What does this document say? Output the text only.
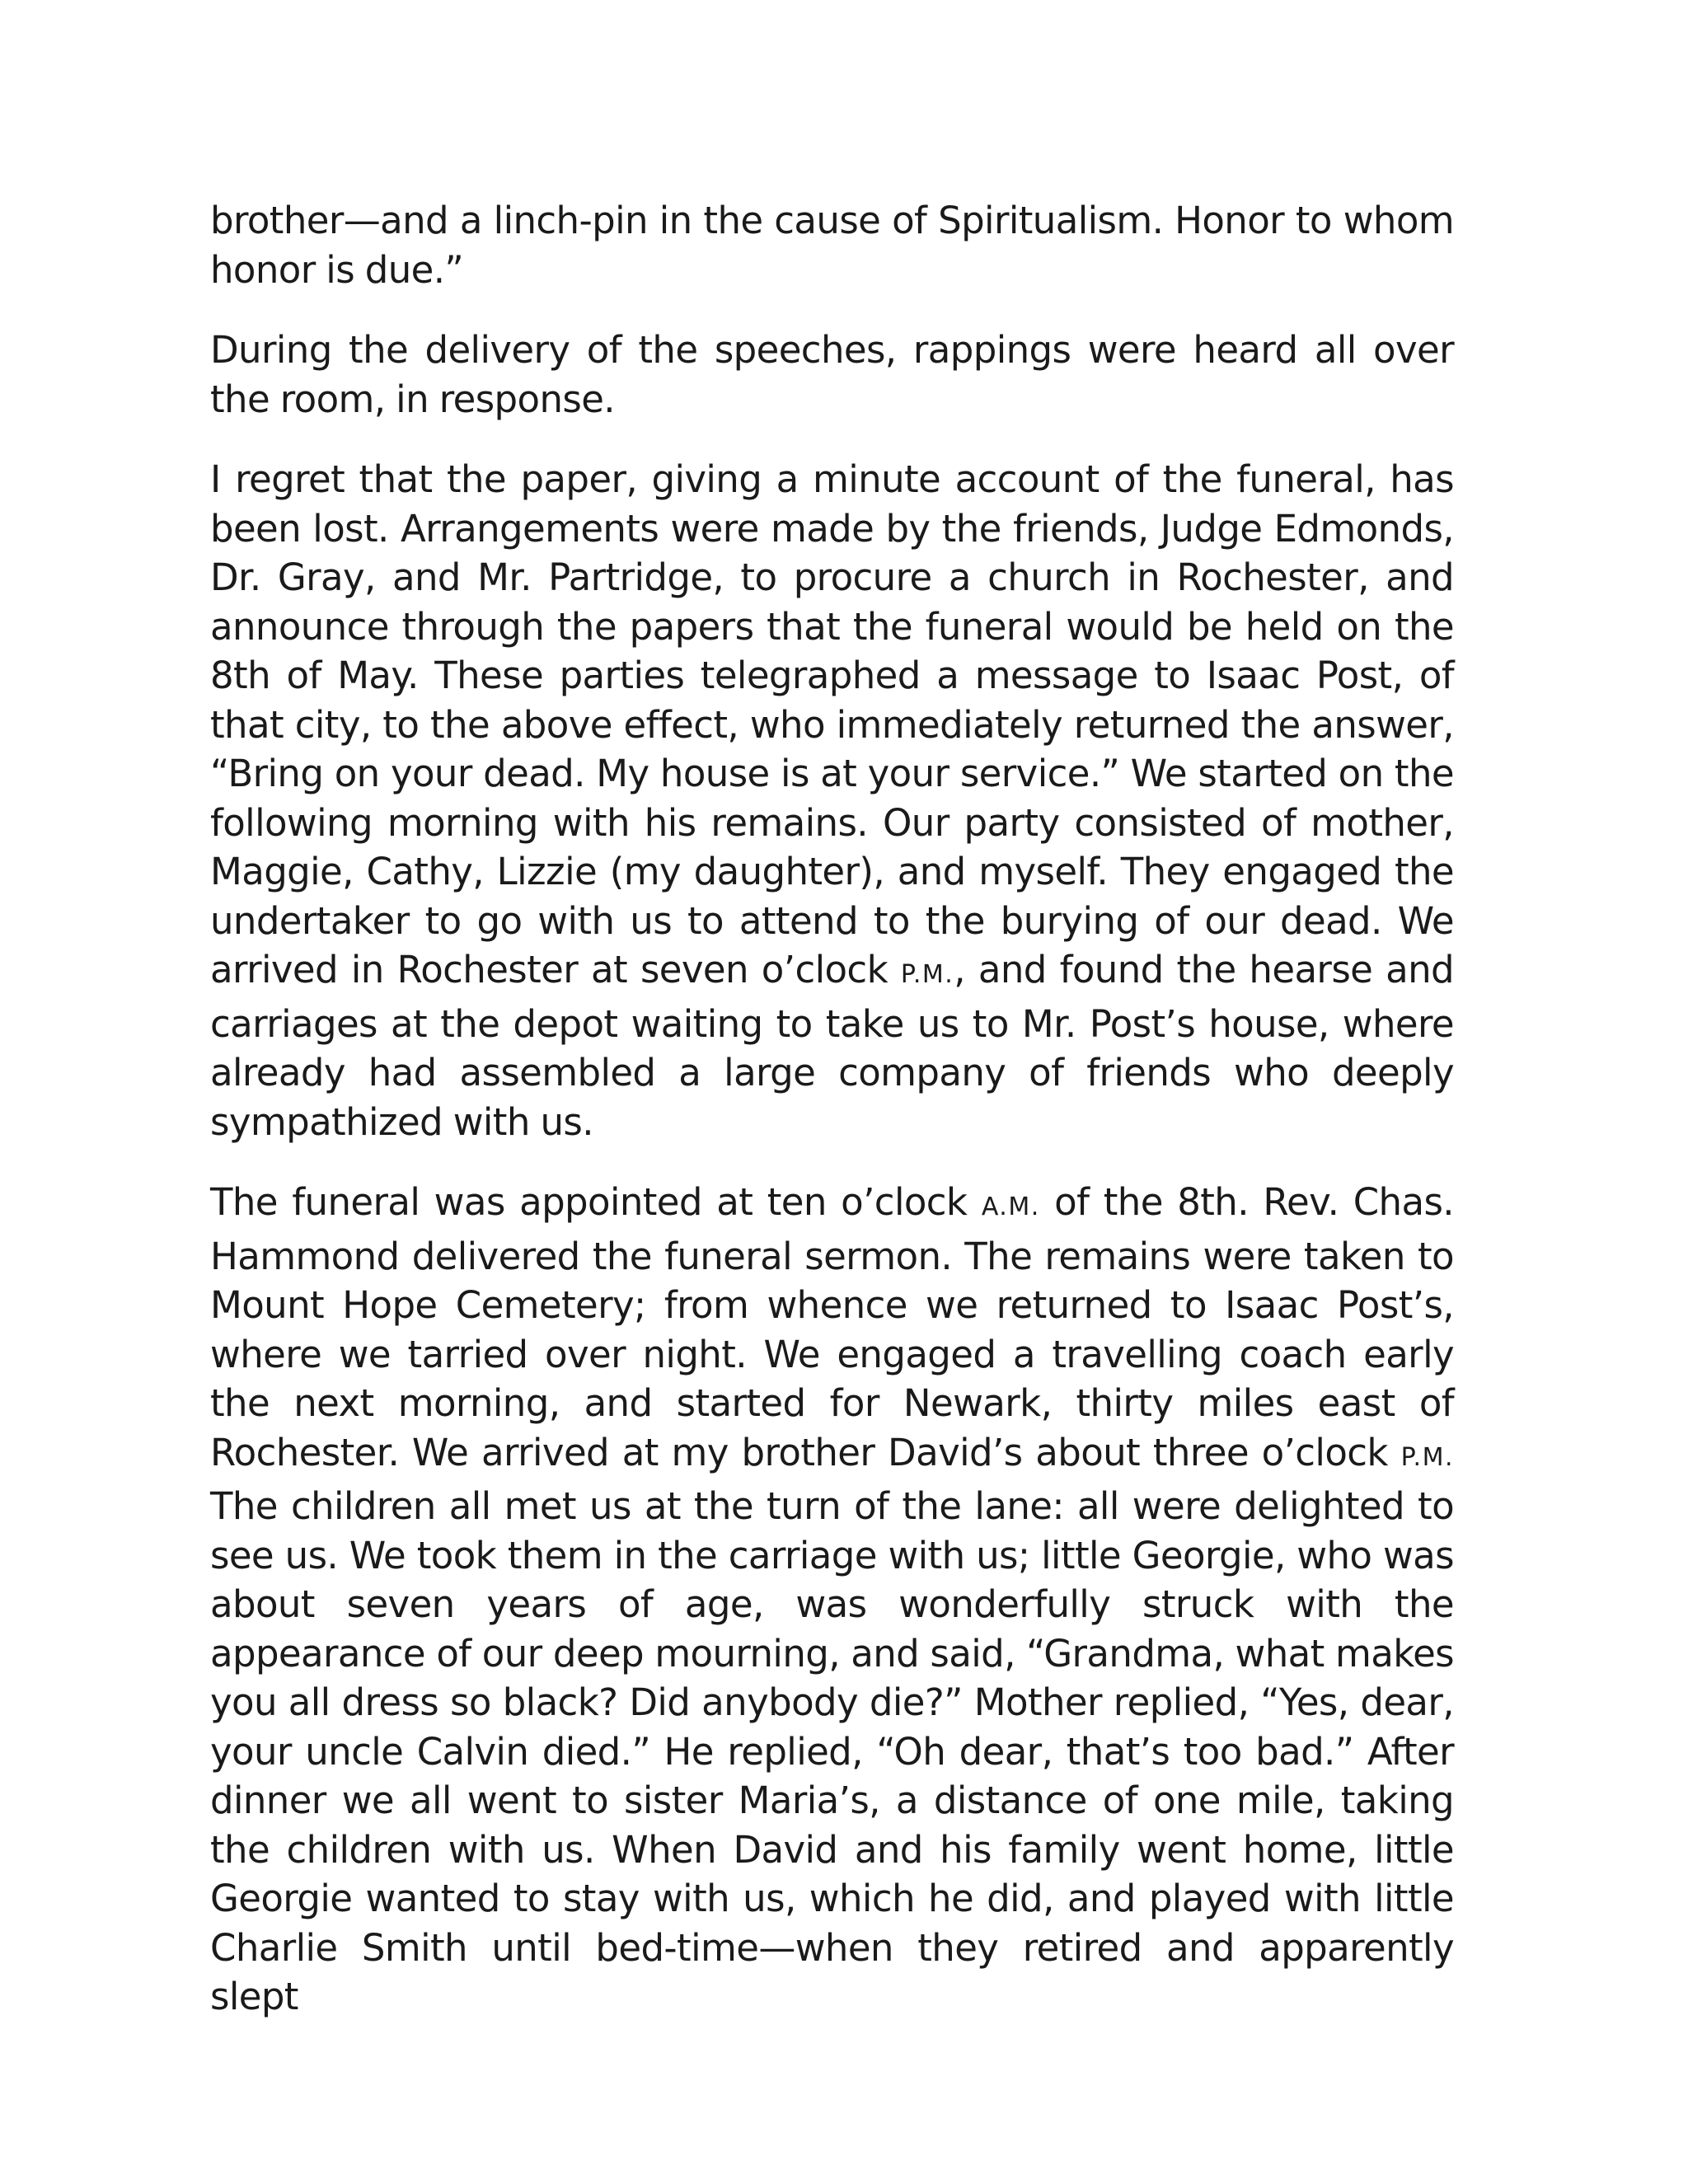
brother—and a linch-pin in the cause of Spiritualism. Honor to whom honor is due.”

During the delivery of the speeches, rappings were heard all over the room, in response.

I regret that the paper, giving a minute account of the funeral, has been lost. Arrangements were made by the friends, Judge Edmonds, Dr. Gray, and Mr. Partridge, to procure a church in Rochester, and announce through the papers that the funeral would be held on the 8th of May. These parties telegraphed a message to Isaac Post, of that city, to the above effect, who immediately returned the answer, “Bring on your dead. My house is at your service.” We started on the following morning with his remains. Our party consisted of mother, Maggie, Cathy, Lizzie (my daughter), and myself. They engaged the undertaker to go with us to attend to the burying of our dead. We arrived in Rochester at seven o’clock P.M., and found the hearse and carriages at the depot waiting to take us to Mr. Post’s house, where already had assembled a large company of friends who deeply sympathized with us.

The funeral was appointed at ten o’clock A.M. of the 8th. Rev. Chas. Hammond delivered the funeral sermon. The remains were taken to Mount Hope Cemetery; from whence we returned to Isaac Post’s, where we tarried over night. We engaged a travelling coach early the next morning, and started for Newark, thirty miles east of Rochester. We arrived at my brother David’s about three o’clock P.M. The children all met us at the turn of the lane: all were delighted to see us. We took them in the carriage with us; little Georgie, who was about seven years of age, was wonderfully struck with the appearance of our deep mourning, and said, “Grandma, what makes you all dress so black? Did anybody die?” Mother replied, “Yes, dear, your uncle Calvin died.” He replied, “Oh dear, that’s too bad.” After dinner we all went to sister Maria’s, a distance of one mile, taking the children with us. When David and his family went home, little Georgie wanted to stay with us, which he did, and played with little Charlie Smith until bed-time—when they retired and apparently slept
